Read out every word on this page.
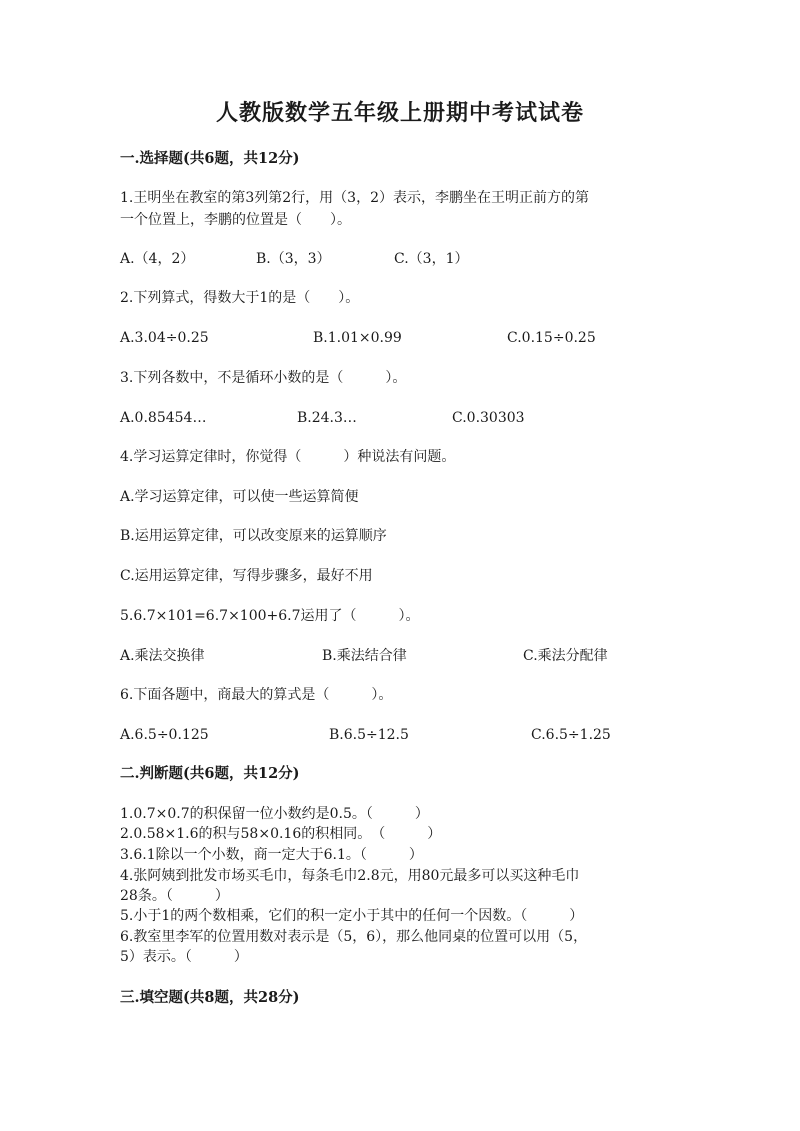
人教版数学五年级上册期中考试试卷
一.选择题(共6题，共12分)
1.王明坐在教室的第3列第2行，用（3，2）表示，李鹏坐在王明正前方的第
一个位置上，李鹏的位置是（　　）。
A.（4，2）	B.（3，3）	C.（3，1）
2.下列算式，得数大于1的是（　　）。
A.3.04÷0.25	B.1.01×0.99	C.0.15÷0.25
3.下列各数中，不是循环小数的是（　　　）。
A.0.85454…	B.24.3…	C.0.30303
4.学习运算定律时，你觉得（　　　）种说法有问题。
A.学习运算定律，可以使一些运算简便
B.运用运算定律，可以改变原来的运算顺序
C.运用运算定律，写得步骤多，最好不用
5.6.7×101=6.7×100+6.7运用了（　　　）。
A.乘法交换律	B.乘法结合律	C.乘法分配律
6.下面各题中，商最大的算式是（　　　）。
A.6.5÷0.125	B.6.5÷12.5	C.6.5÷1.25
二.判断题(共6题，共12分)
1.0.7×0.7的积保留一位小数约是0.5。（　　　）
2.0.58×1.6的积与58×0.16的积相同。　（　　　）
3.6.1除以一个小数，商一定大于6.1。（　　　）
4.张阿姨到批发市场买毛巾，每条毛巾2.8元，用80元最多可以买这种毛巾
28条。（　　　）
5.小于1的两个数相乘，它们的积一定小于其中的任何一个因数。（　　　）
6.教室里李军的位置用数对表示是（5，6），那么他同桌的位置可以用（5，
5）表示。（　　　）
三.填空题(共8题，共28分)
